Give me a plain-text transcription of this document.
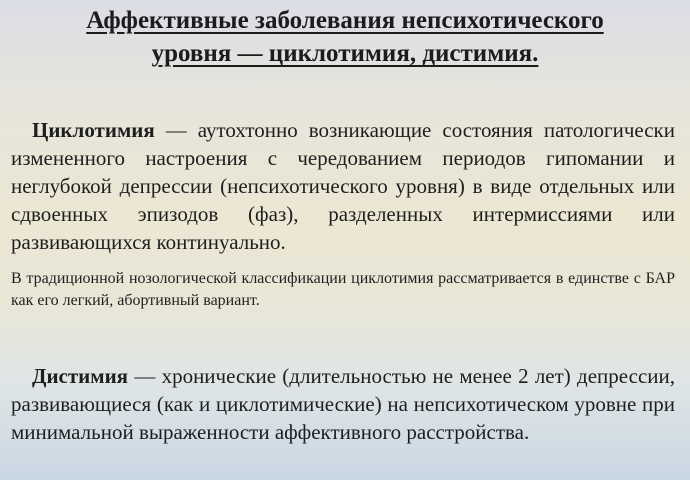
Аффективные заболевания непсихотического
уровня — циклотимия, дистимия.

Циклотимия — аутохтонно возникающие состояния патологически измененного настроения с чередованием периодов гипомании и неглубокой депрессии (непсихотического уровня) в виде отдельных или сдвоенных эпизодов (фаз), разделенных интермиссиями или развивающихся континуально.

В традиционной нозологической классификации циклотимия рассматривается в единстве с БАР как его легкий, абортивный вариант.

Дистимия — хронические (длительностью не менее 2 лет) депрессии, развивающиеся (как и циклотимические) на непсихотическом уровне при минимальной выраженности аффективного расстройства.
